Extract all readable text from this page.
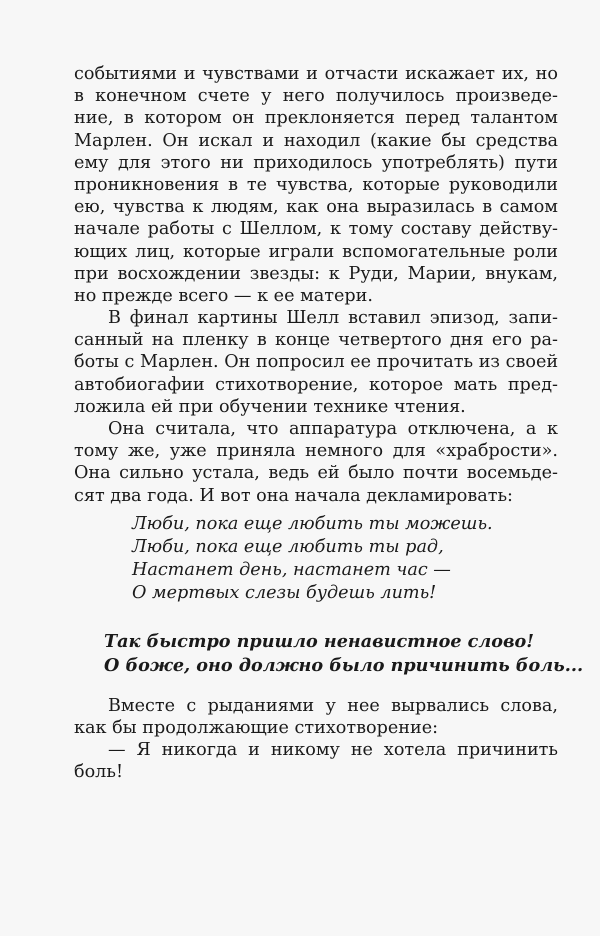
событиями и чувствами и отчасти искажает их, но
в конечном счете у него получилось произведе-
ние, в котором он преклоняется перед талантом
Марлен. Он искал и находил (какие бы средства
ему для этого ни приходилось употреблять) пути
проникновения в те чувства, которые руководили
ею, чувства к людям, как она выразилась в самом
начале работы с Шеллом, к тому составу действу-
ющих лиц, которые играли вспомогательные роли
при восхождении звезды: к Руди, Марии, внукам,
но прежде всего — к ее матери.
В финал картины Шелл вставил эпизод, запи-
санный на пленку в конце четвертого дня его ра-
боты с Марлен. Он попросил ее прочитать из своей
автобиогафии стихотворение, которое мать пред-
ложила ей при обучении технике чтения.
Она считала, что аппаратура отключена, а к
тому же, уже приняла немного для «храбрости».
Она сильно устала, ведь ей было почти восемьде-
сят два года. И вот она начала декламировать:
Люби, пока еще любить ты можешь.
Люби, пока еще любить ты рад,
Настанет день, настанет час —
О мертвых слезы будешь лить!
Так быстро пришло ненавистное слово!
О боже, оно должно было причинить боль...
Вместе с рыданиями у нее вырвались слова,
как бы продолжающие стихотворение:
— Я никогда и никому не хотела причинить
боль!
